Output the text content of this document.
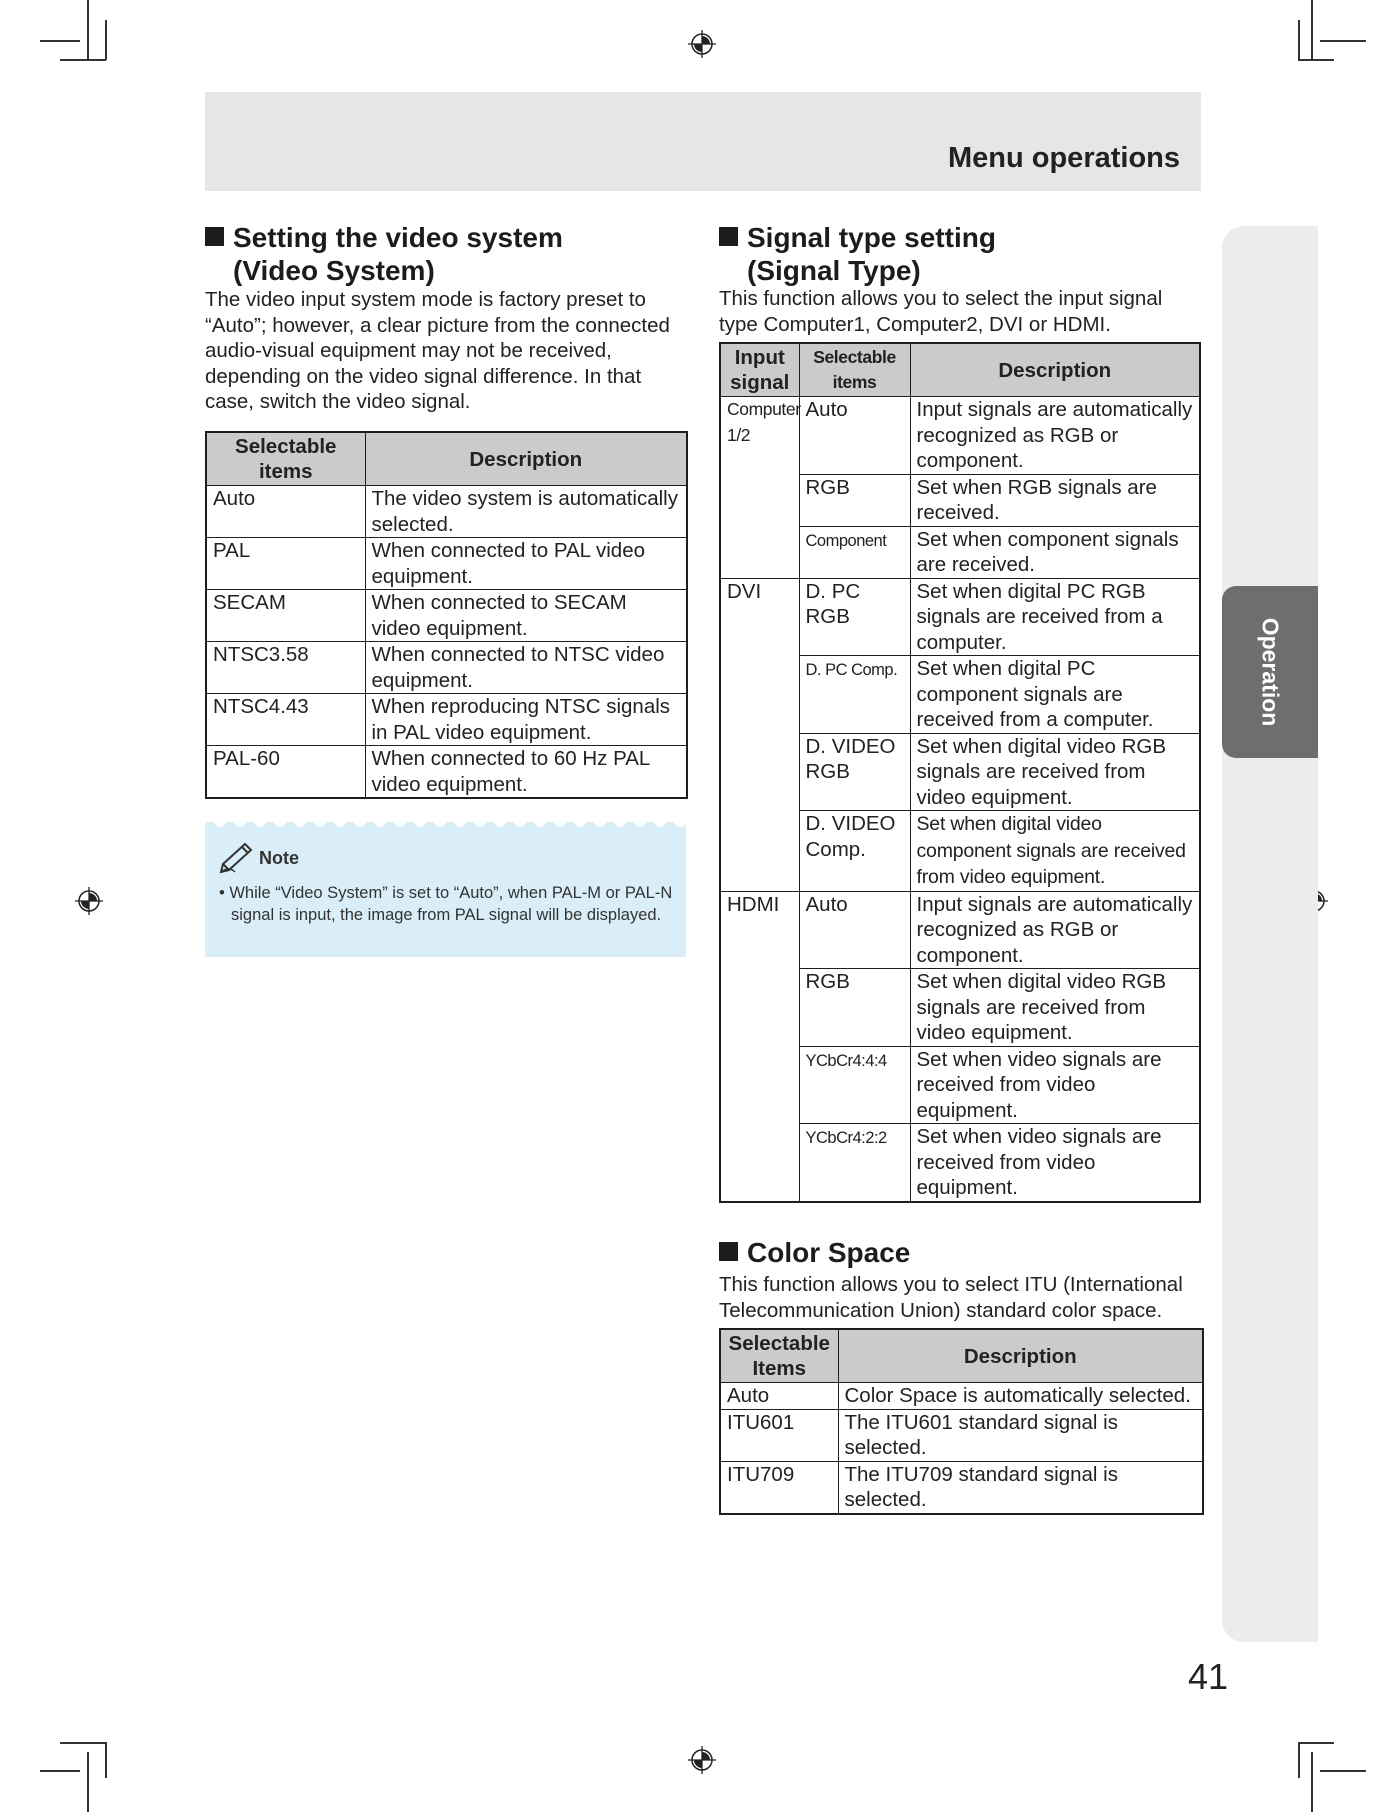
Menu operations
Operation
Setting the video system
(Video System)
The video input system mode is factory preset to “Auto”; however, a clear picture from the connected audio-visual equipment may not be received, depending on the video signal difference. In that case, switch the video signal.
Selectable items	Description
Auto	The video system is automatically selected.
PAL	When connected to PAL video equipment.
SECAM	When connected to SECAM video equipment.
NTSC3.58	When connected to NTSC video equipment.
NTSC4.43	When reproducing NTSC signals in PAL video equipment.
PAL-60	When connected to 60 Hz PAL video equipment.
Note
• While “Video System” is set to “Auto”, when PAL-M or PAL-N signal is input, the image from PAL signal will be displayed.
Signal type setting
(Signal Type)
This function allows you to select the input signal type Computer1, Computer2, DVI or HDMI.
Input signal	Selectable items	Description
Computer 1/2	Auto	Input signals are automatically recognized as RGB or component.
	RGB	Set when RGB signals are received.
	Component	Set when component signals are received.
DVI	D. PC RGB	Set when digital PC RGB signals are received from a computer.
	D. PC Comp.	Set when digital PC component signals are received from a computer.
	D. VIDEO RGB	Set when digital video RGB signals are received from video equipment.
	D. VIDEO Comp.	Set when digital video component signals are received from video equipment.
HDMI	Auto	Input signals are automatically recognized as RGB or component.
	RGB	Set when digital video RGB signals are received from video equipment.
	YCbCr4:4:4	Set when video signals are received from video equipment.
	YCbCr4:2:2	Set when video signals are received from video equipment.
Color Space
This function allows you to select ITU (International Telecommunication Union) standard color space.
Selectable Items	Description
Auto	Color Space is automatically selected.
ITU601	The ITU601 standard signal is selected.
ITU709	The ITU709 standard signal is selected.
41
